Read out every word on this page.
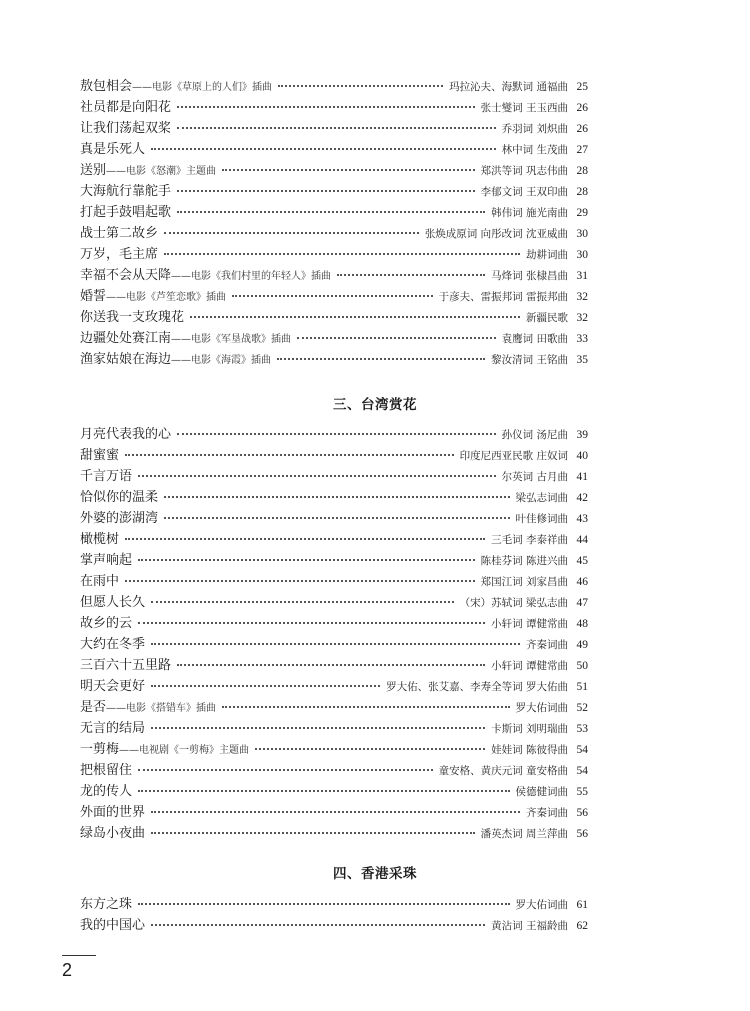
敖包相会 ——电影《草原上的人们》插曲	玛拉沁夫、海默词 通福曲 25
社员都是向阳花	张士燮词 王玉西曲 26
让我们荡起双桨	乔羽词 刘炽曲 26
真是乐死人	林中词 生茂曲 27
送别 ——电影《怒潮》主题曲	郑洪等词 巩志伟曲 28
大海航行靠舵手	李郁文词 王双印曲 28
打起手鼓唱起歌	韩伟词 施光南曲 29
战士第二故乡	张焕成原词 向彤改词 沈亚威曲 30
万岁，毛主席	劫耕词曲 30
幸福不会从天降 ——电影《我们村里的年轻人》插曲	马烽词 张棣昌曲 31
婚誓 ——电影《芦笙恋歌》插曲	于彦夫、雷振邦词 雷振邦曲 32
你送我一支玫瑰花	新疆民歌 32
边疆处处赛江南 ——电影《军垦战歌》插曲	袁鹰词 田歌曲 33
渔家姑娘在海边 ——电影《海霞》插曲	黎汝清词 王铭曲 35
三、台湾赏花
月亮代表我的心	孙仪词 汤尼曲 39
甜蜜蜜	印度尼西亚民歌 庄奴词 40
千言万语	尔英词 古月曲 41
恰似你的温柔	梁弘志词曲 42
外婆的澎湖湾	叶佳修词曲 43
橄榄树	三毛词 李泰祥曲 44
掌声响起	陈桂芬词 陈进兴曲 45
在雨中	郑国江词 刘家昌曲 46
但愿人长久	（宋）苏轼词 梁弘志曲 47
故乡的云	小轩词 谭健常曲 48
大约在冬季	齐秦词曲 49
三百六十五里路	小轩词 谭健常曲 50
明天会更好	罗大佑、张艾嘉、李寿全等词 罗大佑曲 51
是否 ——电影《搭错车》插曲	罗大佑词曲 52
无言的结局	卡斯词 刘明瑞曲 53
一剪梅 ——电视剧《一剪梅》主题曲	娃娃词 陈彼得曲 54
把根留住	童安格、黄庆元词 童安格曲 54
龙的传人	侯德健词曲 55
外面的世界	齐秦词曲 56
绿岛小夜曲	潘英杰词 周兰萍曲 56
四、香港采珠
东方之珠	罗大佑词曲 61
我的中国心	黄沾词 王福龄曲 62
2
